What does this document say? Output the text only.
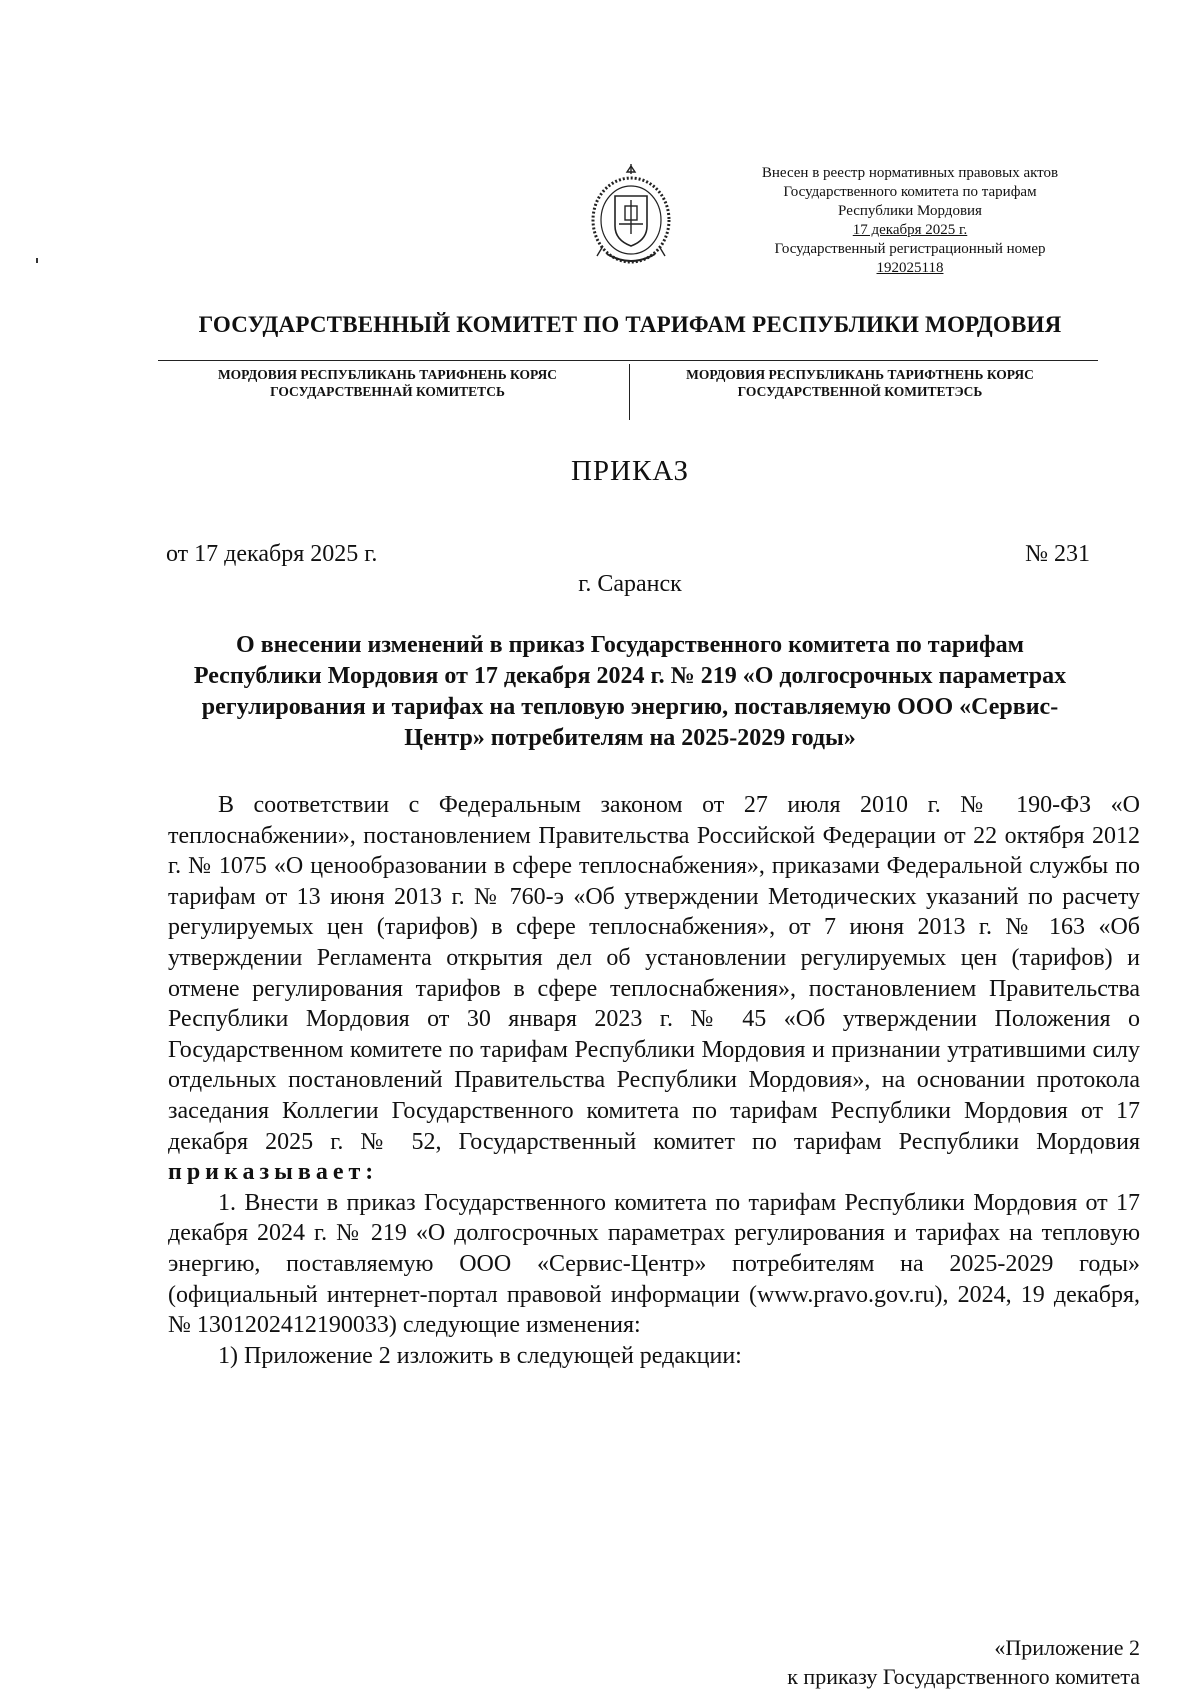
Внесен в реестр нормативных правовых актов
Государственного комитета по тарифам
Республики Мордовия
17 декабря 2025 г.
Государственный регистрационный номер
192025118
ГОСУДАРСТВЕННЫЙ КОМИТЕТ ПО ТАРИФАМ РЕСПУБЛИКИ МОРДОВИЯ
МОРДОВИЯ РЕСПУБЛИКАНЬ ТАРИФНЕНЬ КОРЯС
ГОСУДАРСТВЕННАЙ КОМИТЕТСЬ
МОРДОВИЯ РЕСПУБЛИКАНЬ ТАРИФТНЕНЬ КОРЯС
ГОСУДАРСТВЕННОЙ КОМИТЕТЭСЬ
ПРИКАЗ
от 17 декабря 2025 г.	№ 231
г. Саранск
О внесении изменений в приказ Государственного комитета по тарифам Республики Мордовия от 17 декабря 2024 г. № 219 «О долгосрочных параметрах регулирования и тарифах на тепловую энергию, поставляемую ООО «Сервис-Центр» потребителям на 2025-2029 годы»

В соответствии с Федеральным законом от 27 июля 2010 г. № 190-ФЗ «О теплоснабжении», постановлением Правительства Российской Федерации от 22 октября 2012 г. № 1075 «О ценообразовании в сфере теплоснабжения», приказами Федеральной службы по тарифам от 13 июня 2013 г. № 760-э «Об утверждении Методических указаний по расчету регулируемых цен (тарифов) в сфере теплоснабжения», от 7 июня 2013 г. № 163 «Об утверждении Регламента открытия дел об установлении регулируемых цен (тарифов) и отмене регулирования тарифов в сфере теплоснабжения», постановлением Правительства Республики Мордовия от 30 января 2023 г. № 45 «Об утверждении Положения о Государственном комитете по тарифам Республики Мордовия и признании утратившими силу отдельных постановлений Правительства Республики Мордовия», на основании протокола заседания Коллегии Государственного комитета по тарифам Республики Мордовия от 17 декабря 2025 г. № 52, Государственный комитет по тарифам Республики Мордовия приказывает:

1. Внести в приказ Государственного комитета по тарифам Республики Мордовия от 17 декабря 2024 г. № 219 «О долгосрочных параметрах регулирования и тарифах на тепловую энергию, поставляемую ООО «Сервис-Центр» потребителям на 2025-2029 годы» (официальный интернет-портал правовой информации (www.pravo.gov.ru), 2024, 19 декабря, № 1301202412190033) следующие изменения:

1) Приложение 2 изложить в следующей редакции:

«Приложение 2
к приказу Государственного комитета
